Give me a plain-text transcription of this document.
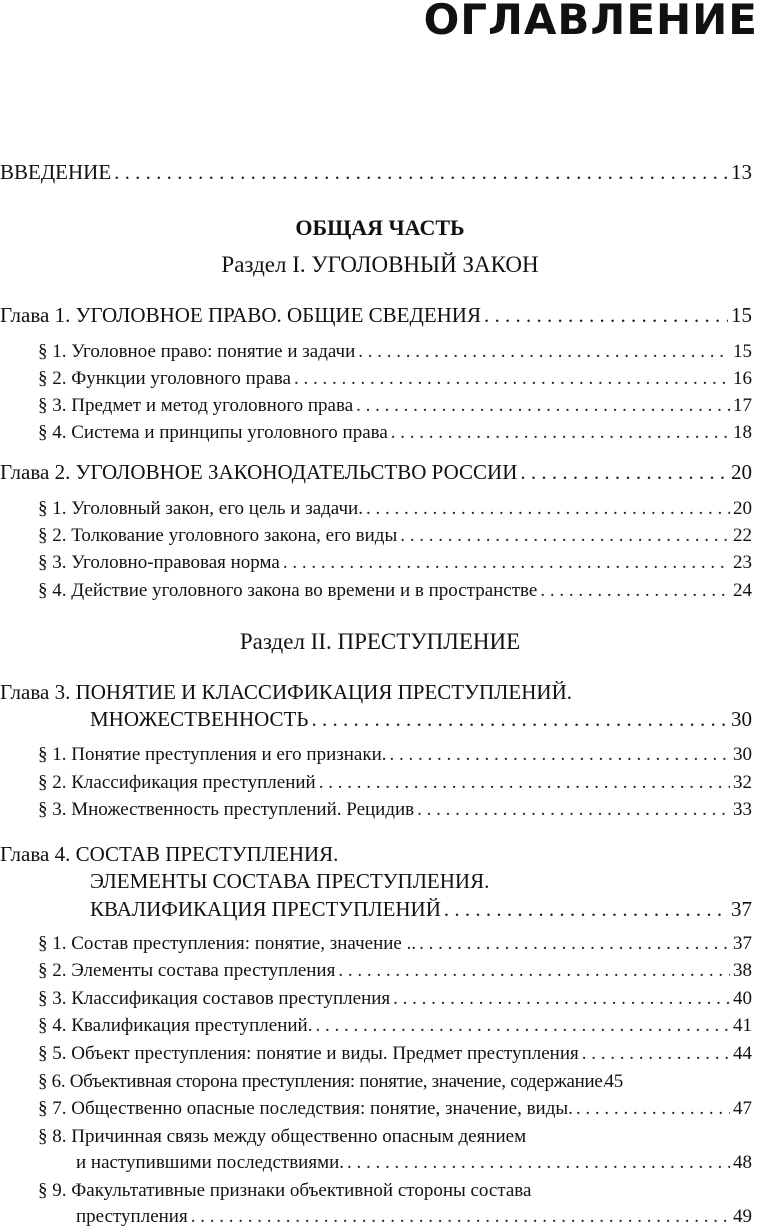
ОГЛАВЛЕНИЕ
ВВЕДЕНИЕ . . .	13
ОБЩАЯ ЧАСТЬ
Раздел I. УГОЛОВНЫЙ ЗАКОН
Глава 1. УГОЛОВНОЕ ПРАВО. ОБЩИЕ СВЕДЕНИЯ . . .	15
§ 1. Уголовное право: понятие и задачи . . .	15
§ 2. Функции уголовного права . . .	16
§ 3. Предмет и метод уголовного права . . .	17
§ 4. Система и принципы уголовного права . . .	18
Глава 2. УГОЛОВНОЕ ЗАКОНОДАТЕЛЬСТВО РОССИИ . . .	20
§ 1. Уголовный закон, его цель и задачи. . . .	20
§ 2. Толкование уголовного закона, его виды . . .	22
§ 3. Уголовно-правовая норма . . .	23
§ 4. Действие уголовного закона во времени и в пространстве . . .	24
Раздел II. ПРЕСТУПЛЕНИЕ
Глава 3. ПОНЯТИЕ И КЛАССИФИКАЦИЯ ПРЕСТУПЛЕНИЙ.
МНОЖЕСТВЕННОСТЬ . . .	30
§ 1. Понятие преступления и его признаки. . . .	30
§ 2. Классификация преступлений . . .	32
§ 3. Множественность преступлений. Рецидив . . .	33
Глава 4. СОСТАВ ПРЕСТУПЛЕНИЯ.
ЭЛЕМЕНТЫ СОСТАВА ПРЕСТУПЛЕНИЯ.
КВАЛИФИКАЦИЯ ПРЕСТУПЛЕНИЙ . . .	37
§ 1. Состав преступления: понятие, значение .. . . .	37
§ 2. Элементы состава преступления . . .	38
§ 3. Классификация составов преступления . . .	40
§ 4. Квалификация преступлений. . . .	41
§ 5. Объект преступления: понятие и виды. Предмет преступления . . .	44
§ 6. Объективная сторона преступления: понятие, значение, содержание . . . 45
§ 7. Общественно опасные последствия: понятие, значение, виды. . . .	47
§ 8. Причинная связь между общественно опасным деянием
и наступившими последствиями. . . .	48
§ 9. Факультативные признаки объективной стороны состава
преступления . . .	49
